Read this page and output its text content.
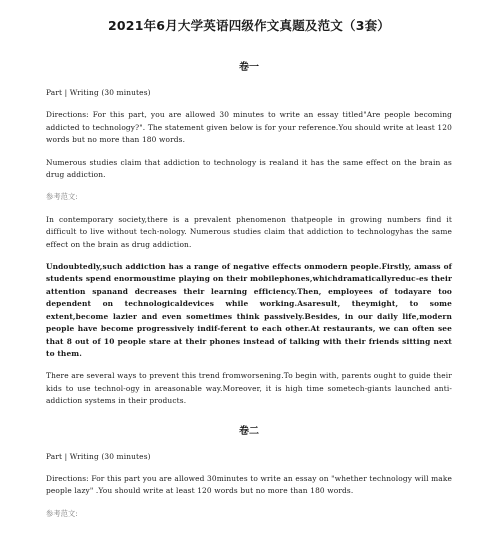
2021年6月大学英语四级作文真题及范文（3套）
卷一

Part | Writing (30 minutes)

Directions: For this part, you are allowed 30 minutes to write an essay titled"Are people becoming addicted to technology?". The statement given below is for your reference.You should write at least 120 words but no more than 180 words.

Numerous studies claim that addiction to technology is realand it has the same effect on the brain as drug addiction.

参考范文:

In contemporary society,there is a prevalent phenomenon thatpeople in growing numbers find it difficult to live without tech-nology. Numerous studies claim that addiction to technologyhas the same effect on the brain as drug addiction.

Undoubtedly,such addiction has a range of negative effects onmodern people.Firstly, amass of students spend enormoustime playing on their mobilephones,whichdramaticallyreduc-es their attention spanand decreases their learning efficiency.Then, employees of todayare too dependent on technologicaldevices while working.Asaresult, theymight, to some extent,become lazier and even sometimes think passively.Besides, in our daily life,modern people have become progressively indif-ferent to each other.At restaurants, we can often see that 8 out of 10 people stare at their phones instead of talking with their friends sitting next to them.

There are several ways to prevent this trend fromworsening.To begin with, parents ought to guide their kids to use technol-ogy in areasonable way.Moreover, it is high time sometech-giants launched anti-addiction systems in their products.

卷二

Part | Writing (30 minutes)

Directions: For this part you are allowed 30minutes to write an essay on "whether technology will make people lazy" .You should write at least 120 words but no more than 180 words.

参考范文:
